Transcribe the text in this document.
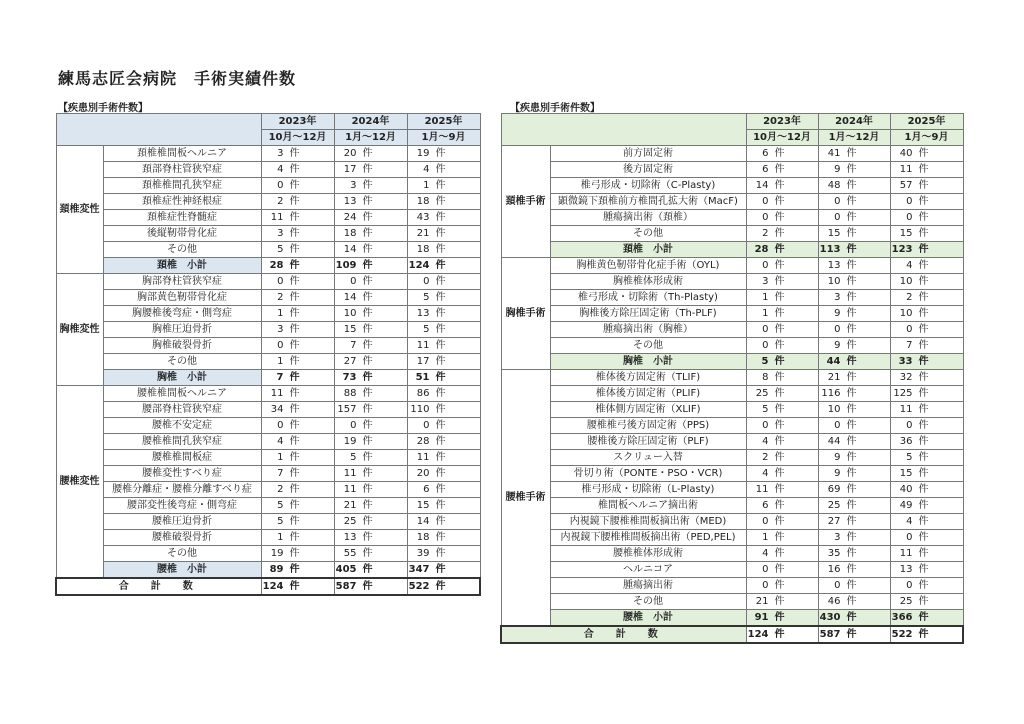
練馬志匠会病院　手術実績件数
【疾患別手術件数】
		2023年	2024年	2025年
		10月～12月	1月～12月	1月～9月
頚椎変性	頚椎椎間板ヘルニア	3 件	20 件	19 件
	頚部脊柱管狭窄症	4 件	17 件	4 件
	頚椎椎間孔狭窄症	0 件	3 件	1 件
	頚椎症性神経根症	2 件	13 件	18 件
	頚椎症性脊髄症	11 件	24 件	43 件
	後縦靭帯骨化症	3 件	18 件	21 件
	その他	5 件	14 件	18 件
	頚椎　小計	28 件	109 件	124 件
胸椎変性	胸部脊柱管狭窄症	0 件	0 件	0 件
	胸部黄色靭帯骨化症	2 件	14 件	5 件
	胸腰椎後弯症・側弯症	1 件	10 件	13 件
	胸椎圧迫骨折	3 件	15 件	5 件
	胸椎破裂骨折	0 件	7 件	11 件
	その他	1 件	27 件	17 件
	胸椎　小計	7 件	73 件	51 件
腰椎変性	腰椎椎間板ヘルニア	11 件	88 件	86 件
	腰部脊柱管狭窄症	34 件	157 件	110 件
	腰椎不安定症	0 件	0 件	0 件
	腰椎椎間孔狭窄症	4 件	19 件	28 件
	腰椎椎間板症	1 件	5 件	11 件
	腰椎変性すべり症	7 件	11 件	20 件
	腰椎分離症・腰椎分離すべり症	2 件	11 件	6 件
	腰部変性後弯症・側弯症	5 件	21 件	15 件
	腰椎圧迫骨折	5 件	25 件	14 件
	腰椎破裂骨折	1 件	13 件	18 件
	その他	19 件	55 件	39 件
	腰椎　小計	89 件	405 件	347 件
合　計　数		124 件	587 件	522 件
【疾患別手術件数】
		2023年	2024年	2025年
		10月～12月	1月～12月	1月～9月
頚椎手術	前方固定術	6 件	41 件	40 件
	後方固定術	6 件	9 件	11 件
	椎弓形成・切除術（C-Plasty)	14 件	48 件	57 件
	顕微鏡下頚椎前方椎間孔拡大術（MacF)	0 件	0 件	0 件
	腫瘍摘出術（頚椎）	0 件	0 件	0 件
	その他	2 件	15 件	15 件
	頚椎　小計	28 件	113 件	123 件
胸椎手術	胸椎黄色靭帯骨化症手術（OYL)	0 件	13 件	4 件
	胸椎椎体形成術	3 件	10 件	10 件
	椎弓形成・切除術（Th-Plasty)	1 件	3 件	2 件
	胸椎後方除圧固定術（Th-PLF)	1 件	9 件	10 件
	腫瘍摘出術（胸椎）	0 件	0 件	0 件
	その他	0 件	9 件	7 件
	胸椎　小計	5 件	44 件	33 件
腰椎手術	椎体後方固定術（TLIF)	8 件	21 件	32 件
	椎体後方固定術（PLIF)	25 件	116 件	125 件
	椎体側方固定術（XLIF)	5 件	10 件	11 件
	腰椎椎弓後方固定術（PPS)	0 件	0 件	0 件
	腰椎後方除圧固定術（PLF)	4 件	44 件	36 件
	スクリュー入替	2 件	9 件	5 件
	骨切り術（PONTE・PSO・VCR)	4 件	9 件	15 件
	椎弓形成・切除術（L-Plasty)	11 件	69 件	40 件
	椎間板ヘルニア摘出術	6 件	25 件	49 件
	内視鏡下腰椎椎間板摘出術（MED)	0 件	27 件	4 件
	内視鏡下腰椎椎間板摘出術（PED,PEL)	1 件	3 件	0 件
	腰椎椎体形成術	4 件	35 件	11 件
	ヘルニコア	0 件	16 件	13 件
	腫瘍摘出術	0 件	0 件	0 件
	その他	21 件	46 件	25 件
	腰椎　小計	91 件	430 件	366 件
合　計　数		124 件	587 件	522 件
